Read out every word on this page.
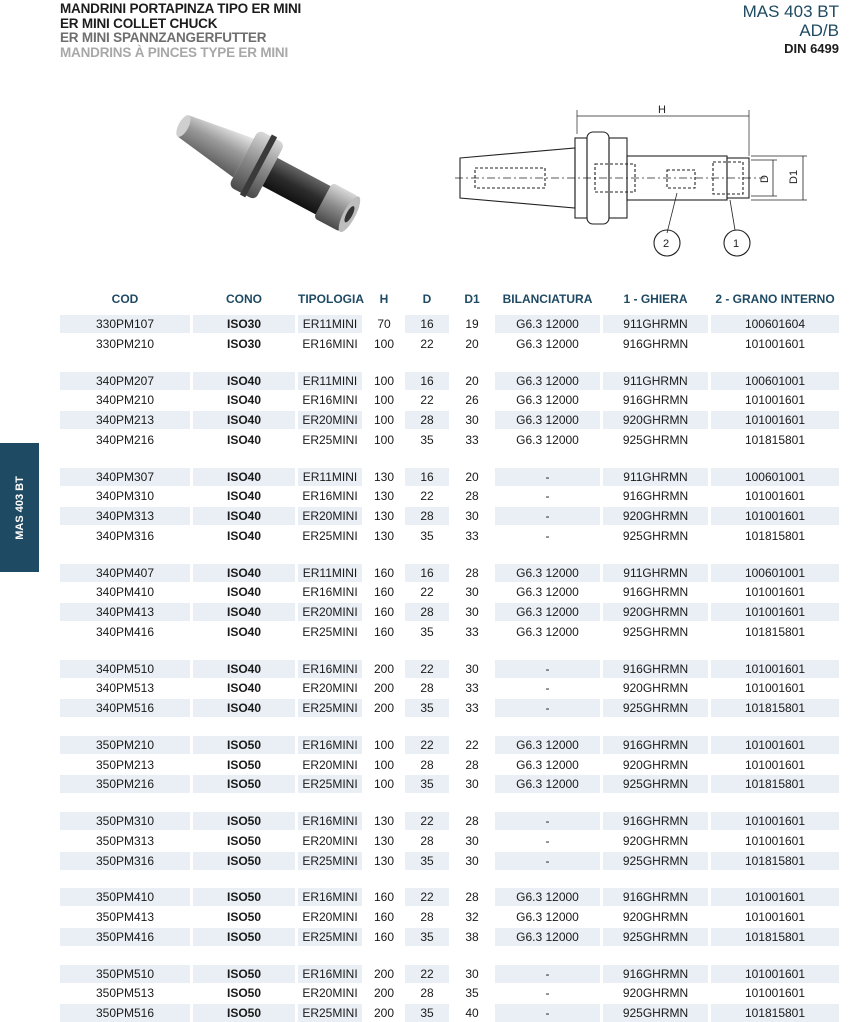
MANDRINI PORTAPINZA TIPO ER MINI
ER MINI COLLET CHUCK
ER MINI SPANNZANGERFUTTER
MANDRINS À PINCES TYPE ER MINI
MAS 403 BT
AD/B
DIN 6499
H
D D1
2	1
MAS 403 BT
COD	CONO	TIPOLOGIA	H	D	D1	BILANCIATURA	1 - GHIERA	2 - GRANO INTERNO
330PM107	ISO30	ER11MINI	70	16	19	G6.3 12000	911GHRMN	100601604
330PM210	ISO30	ER16MINI	100	22	20	G6.3 12000	916GHRMN	101001601
340PM207	ISO40	ER11MINI	100	16	20	G6.3 12000	911GHRMN	100601001
340PM210	ISO40	ER16MINI	100	22	26	G6.3 12000	916GHRMN	101001601
340PM213	ISO40	ER20MINI	100	28	30	G6.3 12000	920GHRMN	101001601
340PM216	ISO40	ER25MINI	100	35	33	G6.3 12000	925GHRMN	101815801
340PM307	ISO40	ER11MINI	130	16	20	-	911GHRMN	100601001
340PM310	ISO40	ER16MINI	130	22	28	-	916GHRMN	101001601
340PM313	ISO40	ER20MINI	130	28	30	-	920GHRMN	101001601
340PM316	ISO40	ER25MINI	130	35	33	-	925GHRMN	101815801
340PM407	ISO40	ER11MINI	160	16	28	G6.3 12000	911GHRMN	100601001
340PM410	ISO40	ER16MINI	160	22	30	G6.3 12000	916GHRMN	101001601
340PM413	ISO40	ER20MINI	160	28	30	G6.3 12000	920GHRMN	101001601
340PM416	ISO40	ER25MINI	160	35	33	G6.3 12000	925GHRMN	101815801
340PM510	ISO40	ER16MINI	200	22	30	-	916GHRMN	101001601
340PM513	ISO40	ER20MINI	200	28	33	-	920GHRMN	101001601
340PM516	ISO40	ER25MINI	200	35	33	-	925GHRMN	101815801
350PM210	ISO50	ER16MINI	100	22	22	G6.3 12000	916GHRMN	101001601
350PM213	ISO50	ER20MINI	100	28	28	G6.3 12000	920GHRMN	101001601
350PM216	ISO50	ER25MINI	100	35	30	G6.3 12000	925GHRMN	101815801
350PM310	ISO50	ER16MINI	130	22	28	-	916GHRMN	101001601
350PM313	ISO50	ER20MINI	130	28	30	-	920GHRMN	101001601
350PM316	ISO50	ER25MINI	130	35	30	-	925GHRMN	101815801
350PM410	ISO50	ER16MINI	160	22	28	G6.3 12000	916GHRMN	101001601
350PM413	ISO50	ER20MINI	160	28	32	G6.3 12000	920GHRMN	101001601
350PM416	ISO50	ER25MINI	160	35	38	G6.3 12000	925GHRMN	101815801
350PM510	ISO50	ER16MINI	200	22	30	-	916GHRMN	101001601
350PM513	ISO50	ER20MINI	200	28	35	-	920GHRMN	101001601
350PM516	ISO50	ER25MINI	200	35	40	-	925GHRMN	101815801
